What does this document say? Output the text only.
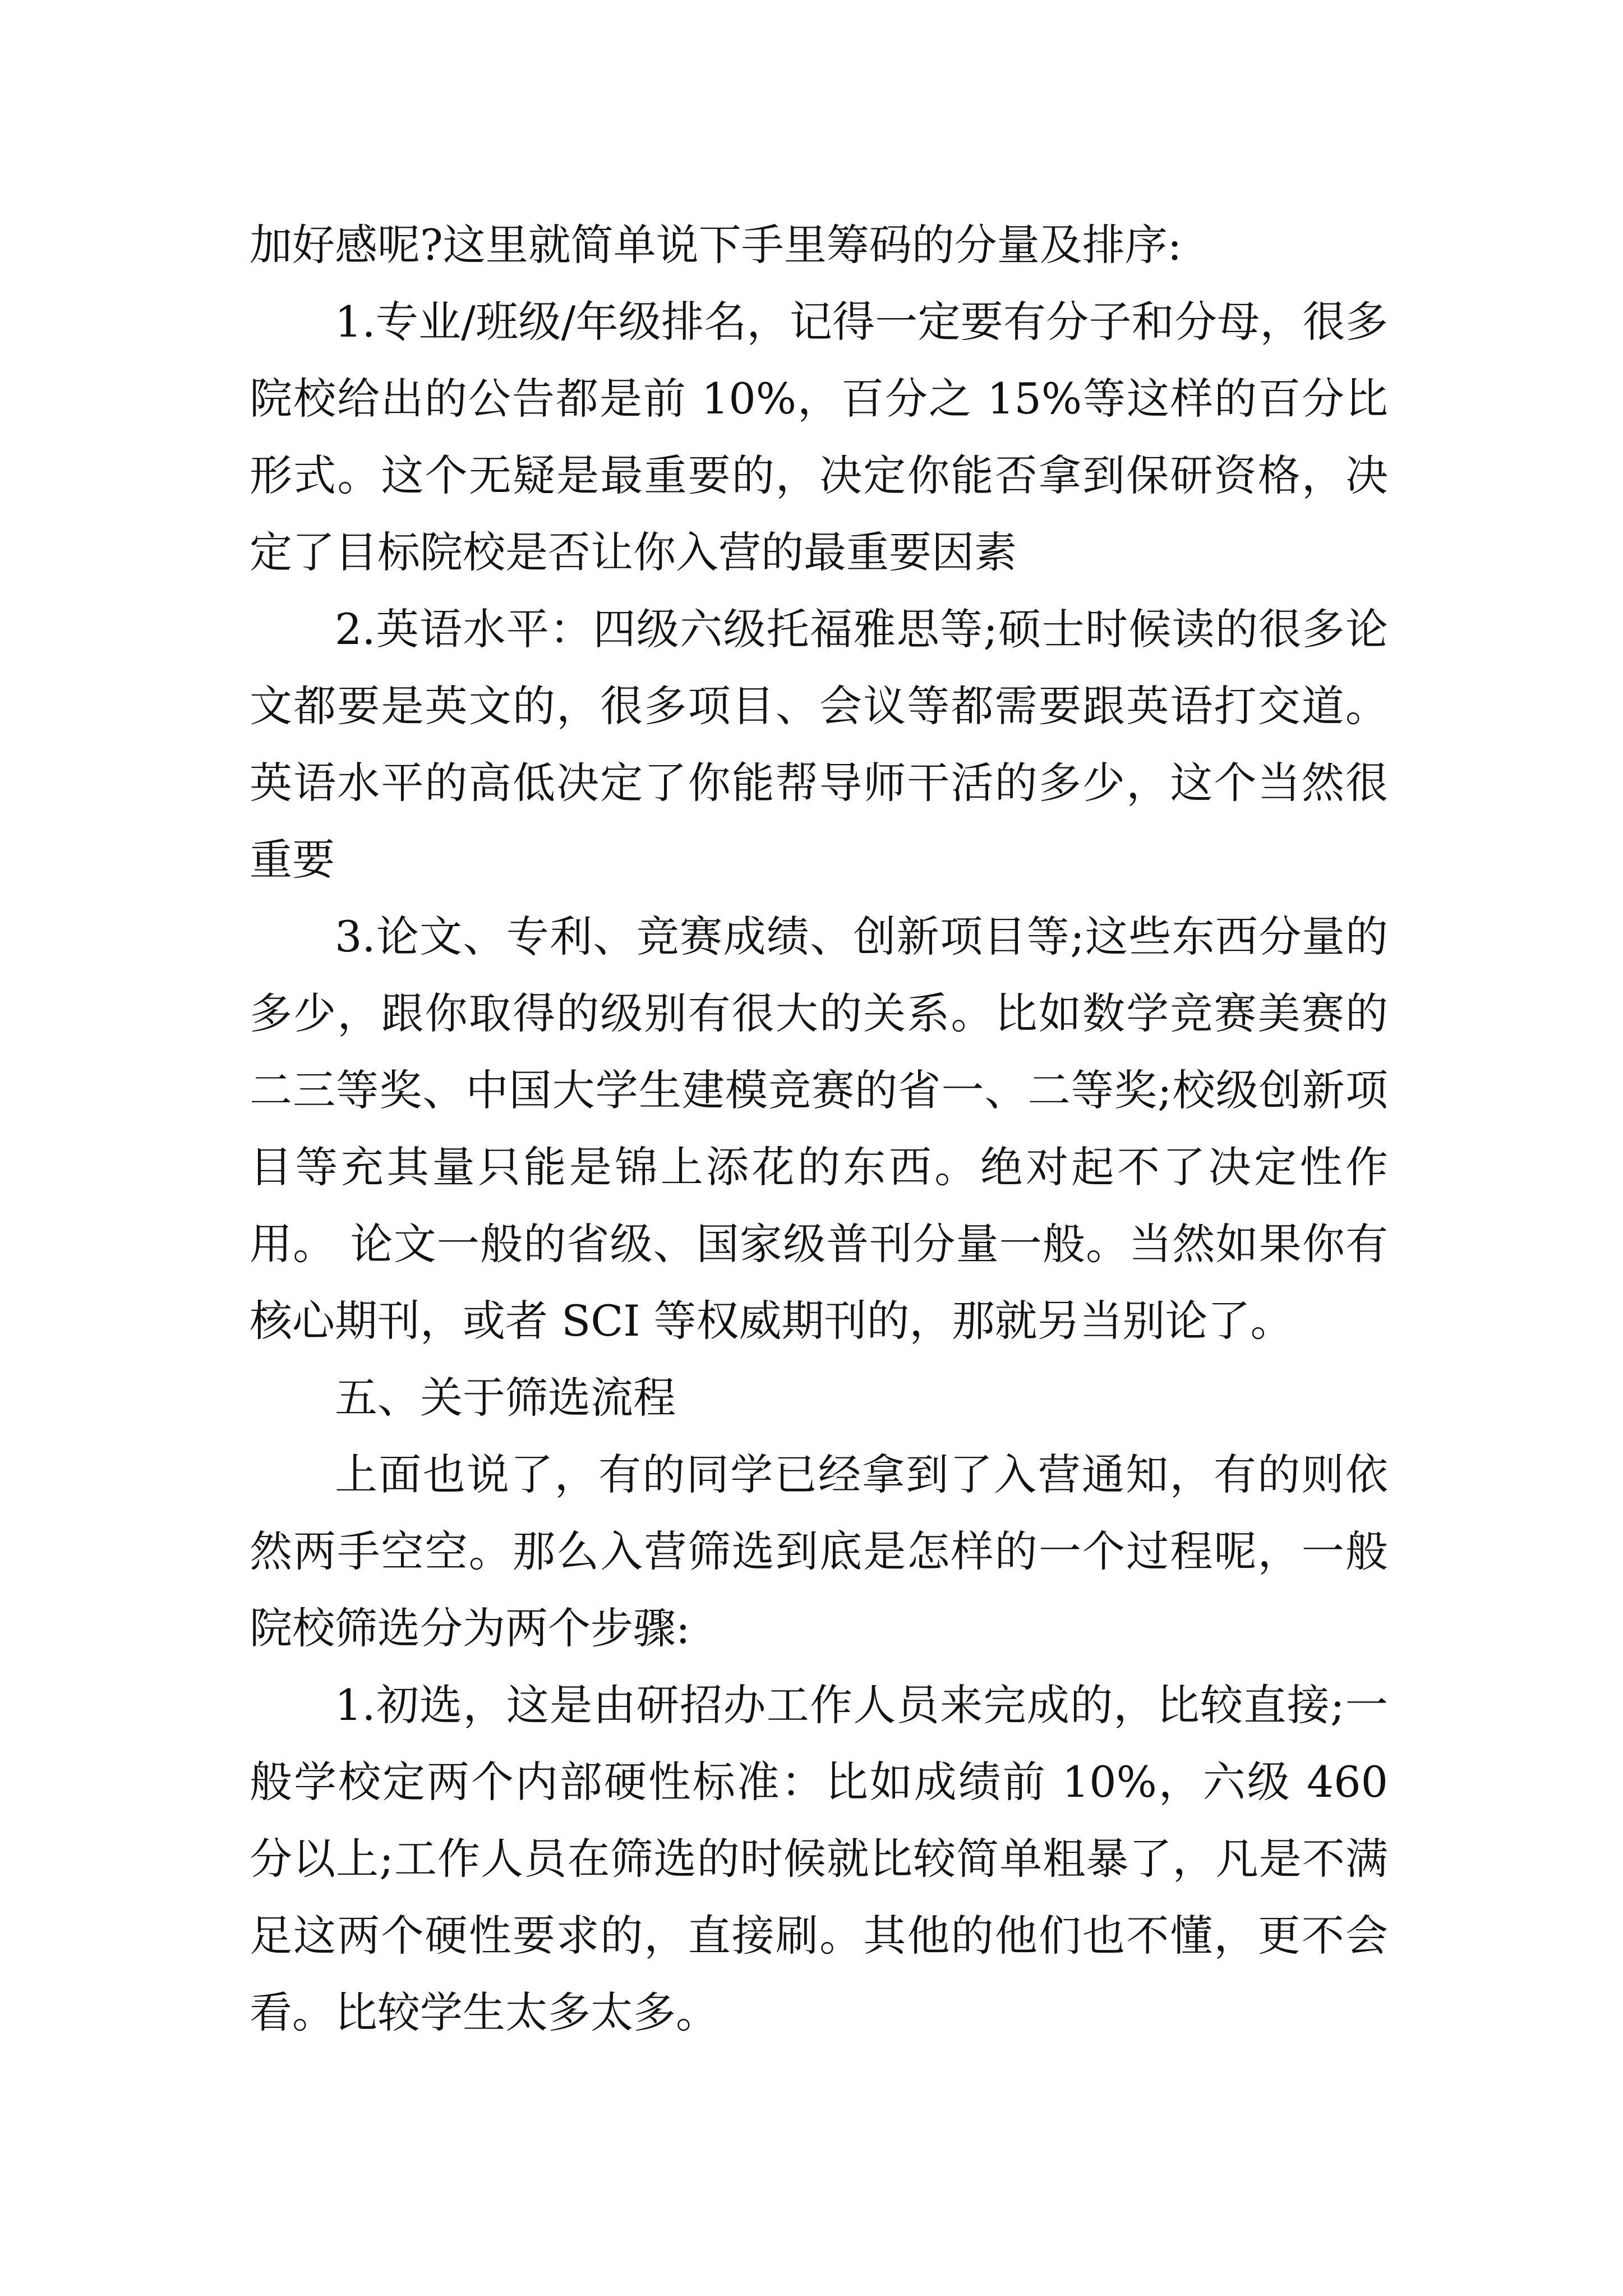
加好感呢?这里就简单说下手里筹码的分量及排序:

1.专业/班级/年级排名，记得一定要有分子和分母，很多院校给出的公告都是前 10%，百分之 15%等这样的百分比形式。这个无疑是最重要的，决定你能否拿到保研资格，决定了目标院校是否让你入营的最重要因素

2.英语水平：四级六级托福雅思等;硕士时候读的很多论文都要是英文的，很多项目、会议等都需要跟英语打交道。英语水平的高低决定了你能帮导师干活的多少，这个当然很重要

3.论文、专利、竞赛成绩、创新项目等;这些东西分量的多少，跟你取得的级别有很大的关系。比如数学竞赛美赛的二三等奖、中国大学生建模竞赛的省一、二等奖;校级创新项目等充其量只能是锦上添花的东西。绝对起不了决定性作用。 论文一般的省级、国家级普刊分量一般。当然如果你有核心期刊，或者 SCI 等权威期刊的，那就另当别论了。

五、关于筛选流程

上面也说了，有的同学已经拿到了入营通知，有的则依然两手空空。那么入营筛选到底是怎样的一个过程呢，一般院校筛选分为两个步骤:

1.初选，这是由研招办工作人员来完成的，比较直接;一般学校定两个内部硬性标准：比如成绩前 10%，六级 460 分以上;工作人员在筛选的时候就比较简单粗暴了，凡是不满足这两个硬性要求的，直接刷。其他的他们也不懂，更不会看。比较学生太多太多。
